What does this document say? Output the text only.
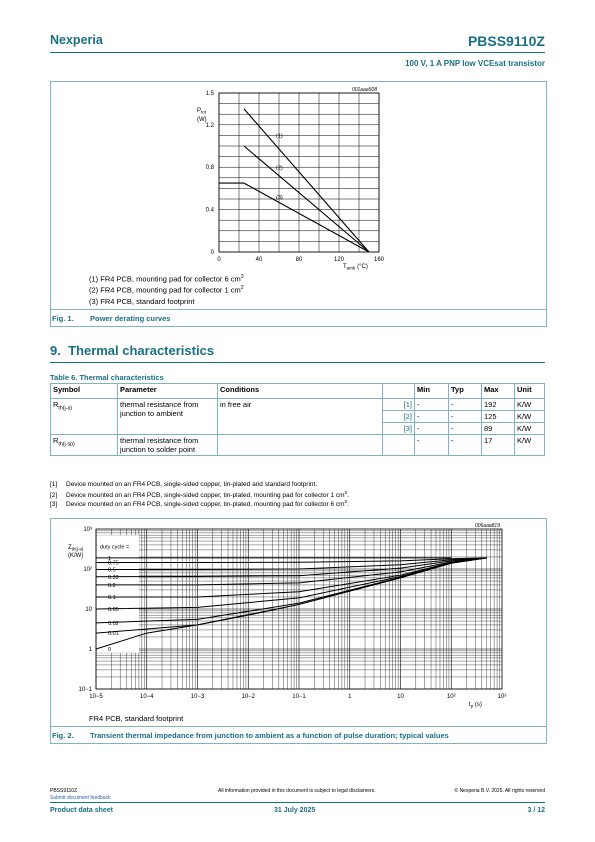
Nexperia	PBSS9110Z
100 V, 1 A PNP low VCEsat transistor
0	40	80	120	160
0
0.4
0.8
1.2
1.5
(1)
(2)
(3)
001aaa508
$P_{tot}$
(W)
$T_{amb}$ (°C)
(1) FR4 PCB, mounting pad for collector 6 $cm^2$
(2) FR4 PCB, mounting pad for collector 1 $cm^2$
(3) FR4 PCB, standard footprint
Fig. 1. Power derating curves
9. Thermal characteristics
Table 6. Thermal characteristics
Symbol	Parameter	Conditions		Min	Typ	Max	Unit
$R_{th(j-a)}$	thermal resistance from junction to ambient	in free air	[1]	-	-	192	K/W
			[2]	-	-	125	K/W
			[3]	-	-	89	K/W
$R_{th(j-sp)}$	thermal resistance from junction to solder point			-	-	17	K/W
[1] Device mounted on an FR4 PCB, single-sided copper, tin-plated and standard footprint.
[2] Device mounted on an FR4 PCB, single-sided copper, tin-plated, mounting pad for collector 1 $cm^2$.
[3] Device mounted on an FR4 PCB, single-sided copper, tin-plated, mounting pad for collector 6 $cm^2$.
10−5	10−4	10−3	10−2	10−1	1	10	10²	10³
10−1
1
10
10²
10³
duty cycle =
1
0.75
0.5
0.33
0.2
0.1
0.05
0.02
0.01
0
006aaa819
$Z_{th(j-a)}$
(K/W)
$t_p$ (s)
FR4 PCB, standard footprint
Fig. 2. Transient thermal impedance from junction to ambient as a function of pulse duration; typical values
PBSS9110Z
Submit document feedback
All information provided in this document is subject to legal disclaimers.	© Nexperia B.V. 2025. All rights reserved
Product data sheet	31 July 2025	3 / 12
